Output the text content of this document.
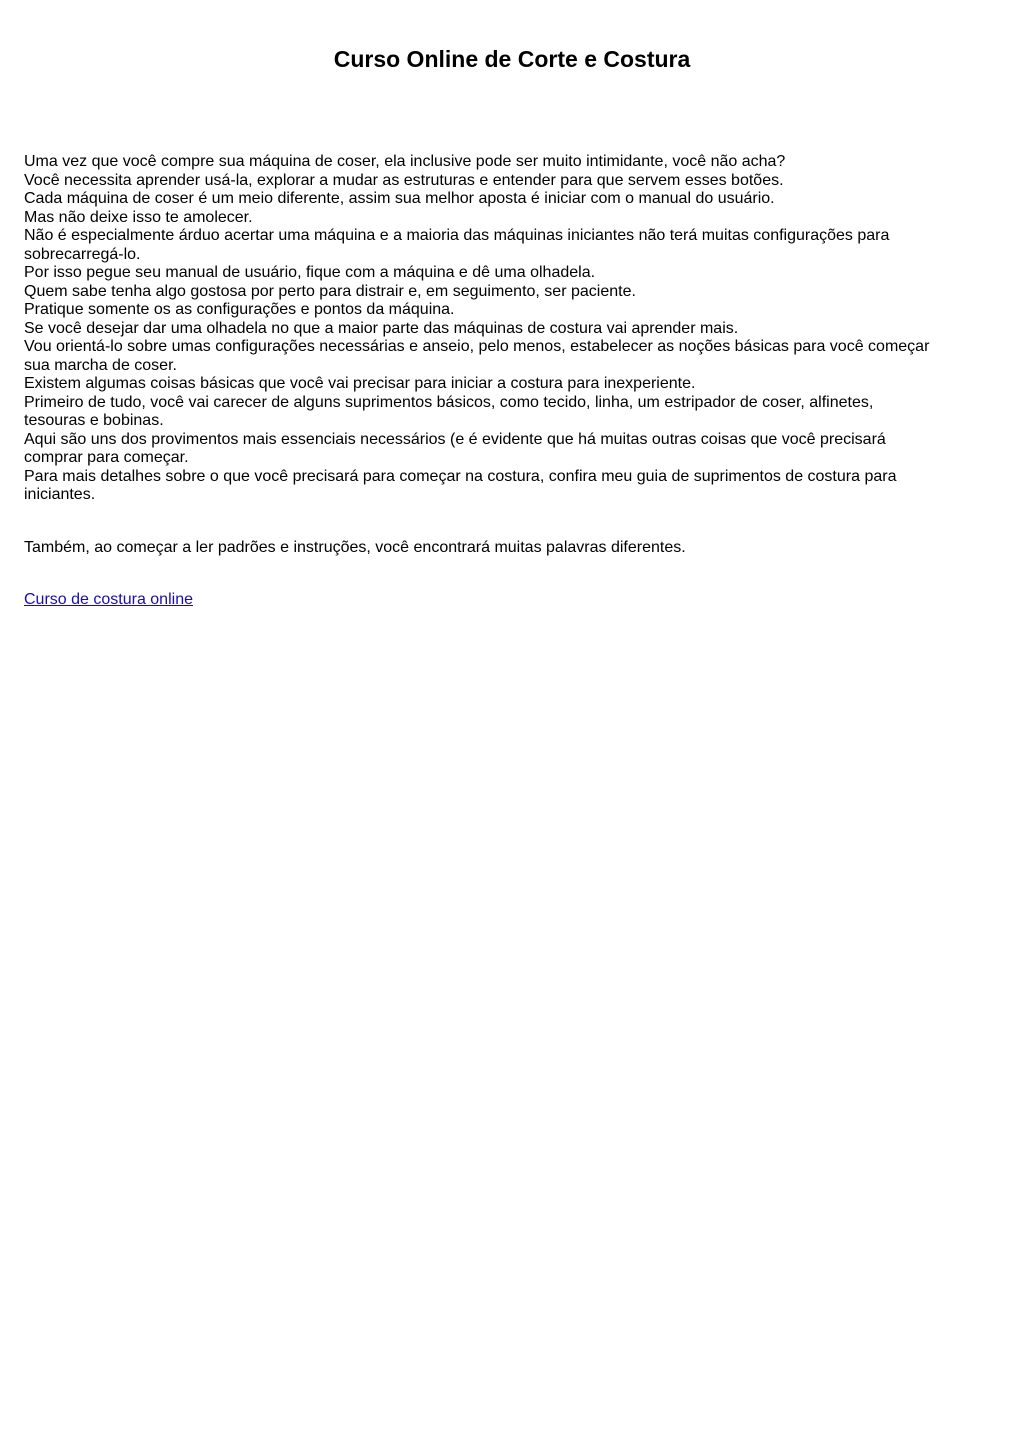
Curso Online de Corte e Costura
Uma vez que você compre sua máquina de coser, ela inclusive pode ser muito intimidante, você não acha?
Você necessita aprender usá-la, explorar a mudar as estruturas e entender para que servem esses botões.
Cada máquina de coser é um meio diferente, assim sua melhor aposta é iniciar com o manual do usuário.
Mas não deixe isso te amolecer.
Não é especialmente árduo acertar uma máquina e a maioria das máquinas iniciantes não terá muitas configurações para
sobrecarregá-lo.
Por isso pegue seu manual de usuário, fique com a máquina e dê uma olhadela.
Quem sabe tenha algo gostosa por perto para distrair e, em seguimento, ser paciente.
Pratique somente os as configurações e pontos da máquina.
Se você desejar dar uma olhadela no que a maior parte das máquinas de costura vai aprender mais.
Vou orientá-lo sobre umas configurações necessárias e anseio, pelo menos, estabelecer as noções básicas para você começar
sua marcha de coser.
Existem algumas coisas básicas que você vai precisar para iniciar a costura para inexperiente.
Primeiro de tudo, você vai carecer de alguns suprimentos básicos, como tecido, linha, um estripador de coser, alfinetes,
tesouras e bobinas.
Aqui são uns dos provimentos mais essenciais necessários (e é evidente que há muitas outras coisas que você precisará
comprar para começar.
Para mais detalhes sobre o que você precisará para começar na costura, confira meu guia de suprimentos de costura para
iniciantes.
Também, ao começar a ler padrões e instruções, você encontrará muitas palavras diferentes.
Curso de costura online
